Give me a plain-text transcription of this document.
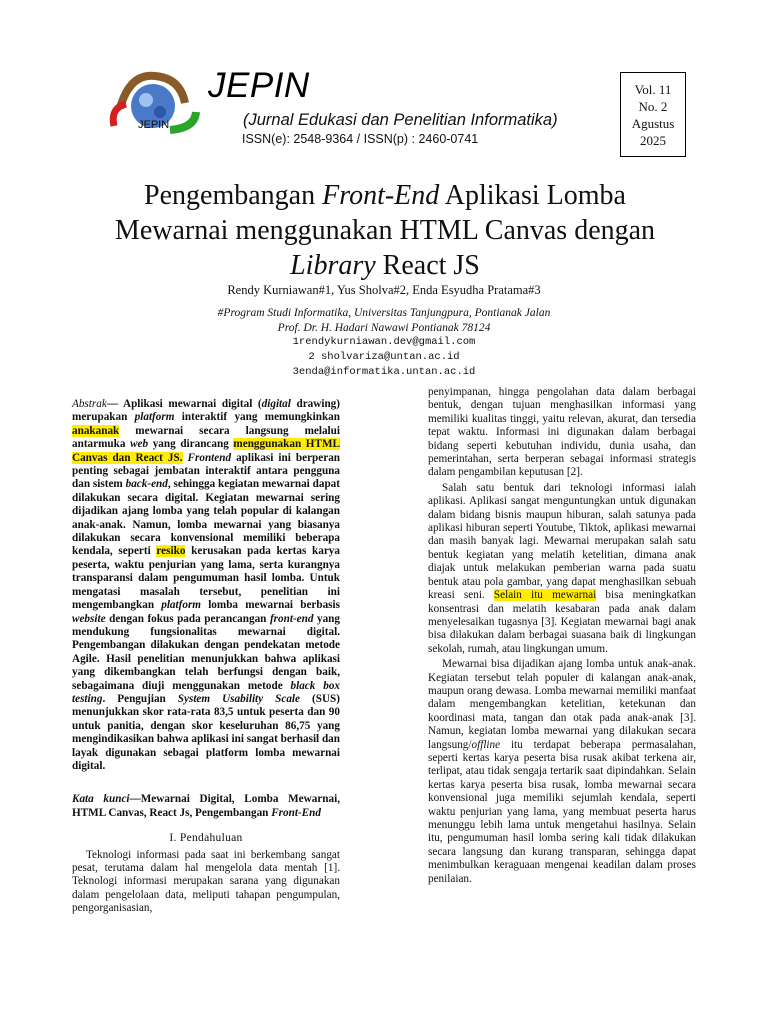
JEPIN
JEPIN
(Jurnal Edukasi dan Penelitian Informatika)
ISSN(e): 2548-9364 / ISSN(p) : 2460-0741
Vol. 11
No. 2
Agustus
2025
Pengembangan Front-End Aplikasi Lomba
Mewarnai menggunakan HTML Canvas dengan
Library React JS
Rendy Kurniawan#1, Yus Sholva#2, Enda Esyudha Pratama#3
#Program Studi Informatika, Universitas Tanjungpura, Pontianak Jalan
Prof. Dr. H. Hadari Nawawi Pontianak 78124
1rendykurniawan.dev@gmail.com
2 sholvariza@untan.ac.id
3enda@informatika.untan.ac.id

Abstrak— Aplikasi mewarnai digital (digital drawing) merupakan platform interaktif yang memungkinkan anakanak mewarnai secara langsung melalui antarmuka web yang dirancang menggunakan HTML Canvas dan React JS. Frontend aplikasi ini berperan penting sebagai jembatan interaktif antara pengguna dan sistem back-end, sehingga kegiatan mewarnai dapat dilakukan secara digital. Kegiatan mewarnai sering dijadikan ajang lomba yang telah popular di kalangan anak-anak. Namun, lomba mewarnai yang biasanya dilakukan secara konvensional memiliki beberapa kendala, seperti resiko kerusakan pada kertas karya peserta, waktu penjurian yang lama, serta kurangnya transparansi dalam pengumuman hasil lomba. Untuk mengatasi masalah tersebut, penelitian ini mengembangkan platform lomba mewarnai berbasis website dengan fokus pada perancangan front-end yang mendukung fungsionalitas mewarnai digital. Pengembangan dilakukan dengan pendekatan metode Agile. Hasil penelitian menunjukkan bahwa aplikasi yang dikembangkan telah berfungsi dengan baik, sebagaimana diuji menggunakan metode black box testing. Pengujian System Usability Scale (SUS) menunjukkan skor rata-rata 83,5 untuk peserta dan 90 untuk panitia, dengan skor keseluruhan 86,75 yang mengindikasikan bahwa aplikasi ini sangat berhasil dan layak digunakan sebagai platform lomba mewarnai digital.

Kata kunci—Mewarnai Digital, Lomba Mewarnai, HTML Canvas, React Js, Pengembangan Front-End

I. Pendahuluan

Teknologi informasi pada saat ini berkembang sangat pesat, terutama dalam hal mengelola data mentah [1]. Teknologi informasi merupakan sarana yang digunakan dalam pengelolaan data, meliputi tahapan pengumpulan, pengorganisasian,

penyimpanan, hingga pengolahan data dalam berbagai bentuk, dengan tujuan menghasilkan informasi yang memiliki kualitas tinggi, yaitu relevan, akurat, dan tersedia tepat waktu. Informasi ini digunakan dalam berbagai bidang seperti kebutuhan individu, dunia usaha, dan pemerintahan, serta berperan sebagai informasi strategis dalam pengambilan keputusan [2].

Salah satu bentuk dari teknologi informasi ialah aplikasi. Aplikasi sangat menguntungkan untuk digunakan dalam bidang bisnis maupun hiburan, salah satunya pada aplikasi hiburan seperti Youtube, Tiktok, aplikasi mewarnai dan masih banyak lagi. Mewarnai merupakan salah satu bentuk kegiatan yang melatih ketelitian, dimana anak diajak untuk melakukan pemberian warna pada suatu bentuk atau pola gambar, yang dapat menghasilkan sebuah kreasi seni. Selain itu mewarnai bisa meningkatkan konsentrasi dan melatih kesabaran pada anak dalam menyelesaikan tugasnya [3]. Kegiatan mewarnai bagi anak bisa dilakukan dalam berbagai suasana baik di lingkungan sekolah, rumah, atau lingkungan umum.

Mewarnai bisa dijadikan ajang lomba untuk anak-anak. Kegiatan tersebut telah populer di kalangan anak-anak, maupun orang dewasa. Lomba mewarnai memiliki manfaat dalam mengembangkan ketelitian, ketekunan dan koordinasi mata, tangan dan otak pada anak-anak [3]. Namun, kegiatan lomba mewarnai yang dilakukan secara langsung/offline itu terdapat beberapa permasalahan, seperti kertas karya peserta bisa rusak akibat terkena air, terlipat, atau tidak sengaja tertarik saat dipindahkan. Selain kertas karya peserta bisa rusak, lomba mewarnai secara konvensional juga memiliki sejumlah kendala, seperti waktu penjurian yang lama, yang membuat peserta harus menunggu lebih lama untuk mengetahui hasilnya. Selain itu, pengumuman hasil lomba sering kali tidak dilakukan secara langsung dan kurang transparan, sehingga dapat menimbulkan keraguaan mengenai keadilan dalam proses penilaian.
